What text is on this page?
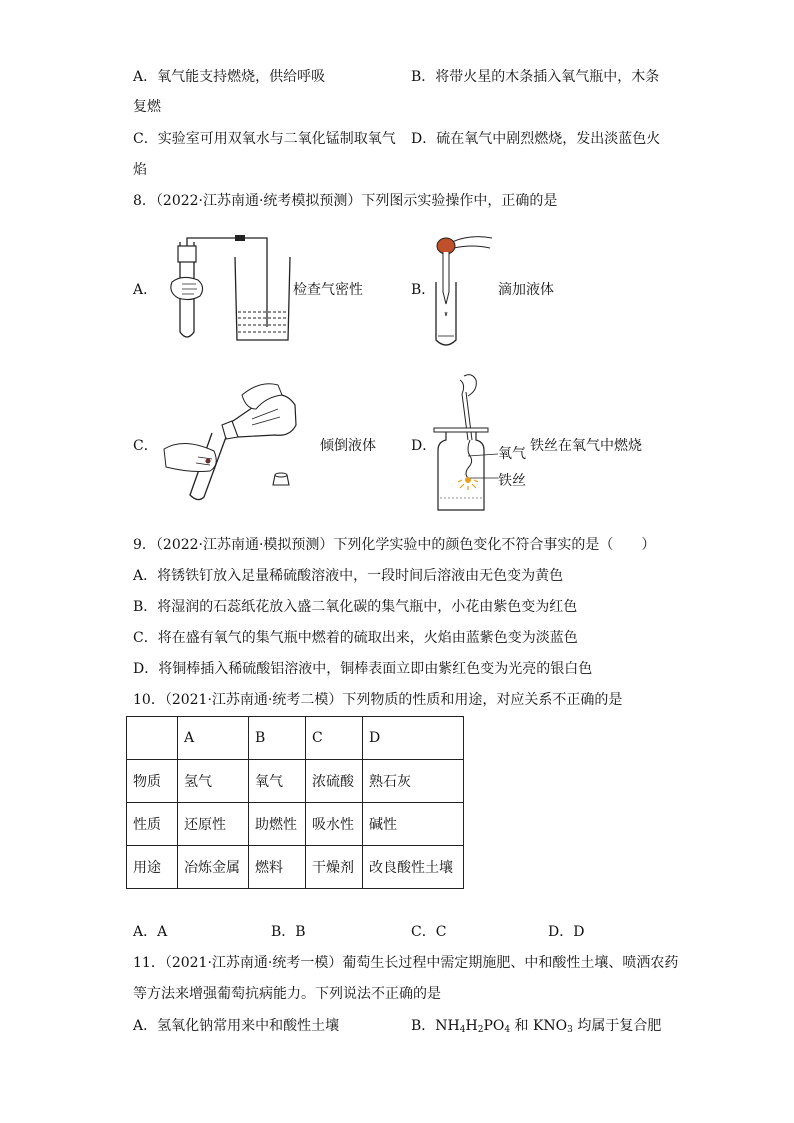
A．氧气能支持燃烧，供给呼吸	B．将带火星的木条插入氧气瓶中，木条
复燃
C．实验室可用双氧水与二氧化锰制取氧气 D．硫在氧气中剧烈燃烧，发出淡蓝色火
焰
8．（2022·江苏南通·统考模拟预测）下列图示实验操作中，正确的是
A．	检查气密性	B．	滴加液体
C．	倾倒液体	D．	氧气
铁丝
铁丝在氧气中燃烧
9．（2022·江苏南通·模拟预测）下列化学实验中的颜色变化不符合事实的是（　　）
A．将锈铁钉放入足量稀硫酸溶液中，一段时间后溶液由无色变为黄色
B．将湿润的石蕊纸花放入盛二氧化碳的集气瓶中，小花由紫色变为红色
C．将在盛有氧气的集气瓶中燃着的硫取出来，火焰由蓝紫色变为淡蓝色
D．将铜棒插入稀硫酸铝溶液中，铜棒表面立即由紫红色变为光亮的银白色
10．（2021·江苏南通·统考二模）下列物质的性质和用途，对应关系不正确的是
	A	B	C	D
物质	氢气	氧气	浓硫酸	熟石灰
性质	还原性	助燃性	吸水性	碱性
用途	冶炼金属	燃料	干燥剂	改良酸性土壤
A．A	B．B	C．C	D．D
11．（2021·江苏南通·统考一模）葡萄生长过程中需定期施肥、中和酸性土壤、喷洒农药
等方法来增强葡萄抗病能力。下列说法不正确的是
A．氢氧化钠常用来中和酸性土壤	B．$NH_4H_2PO_4$ 和 $KNO_3$ 均属于复合肥
